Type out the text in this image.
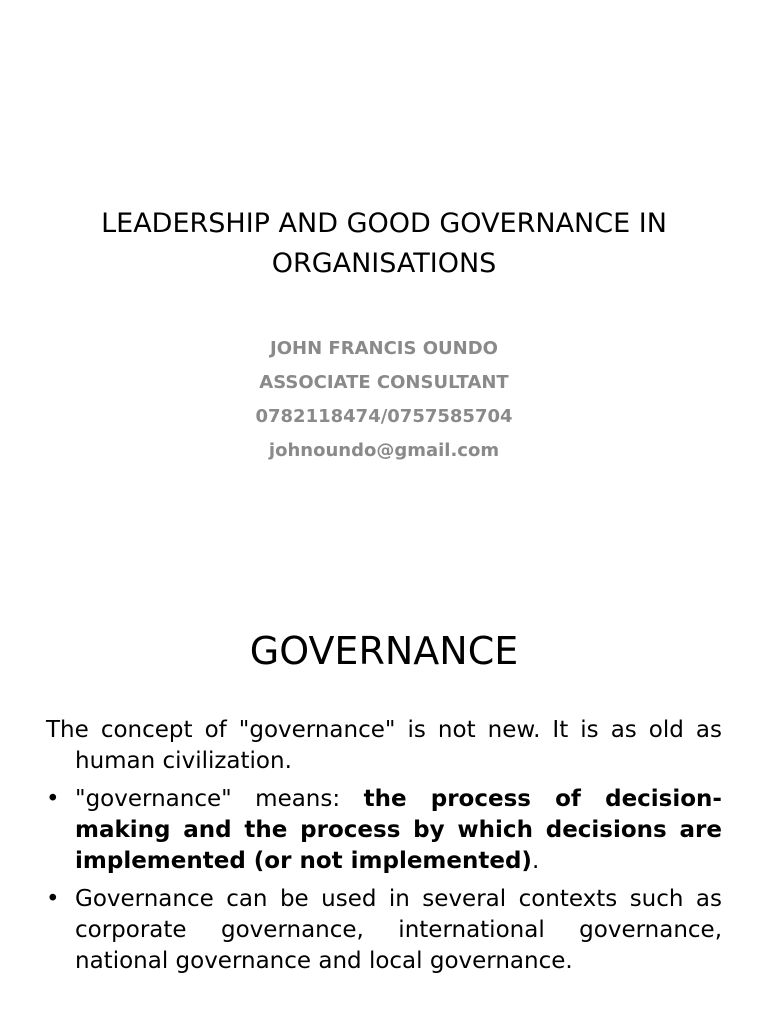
LEADERSHIP AND GOOD GOVERNANCE IN
ORGANISATIONS
JOHN FRANCIS OUNDO
ASSOCIATE CONSULTANT
0782118474/0757585704
johnoundo@gmail.com
GOVERNANCE
The concept of "governance" is not new. It is as old as human civilization.
• "governance" means: the process of decision-making and the process by which decisions are implemented (or not implemented).
• Governance can be used in several contexts such as corporate governance, international governance, national governance and local governance.
